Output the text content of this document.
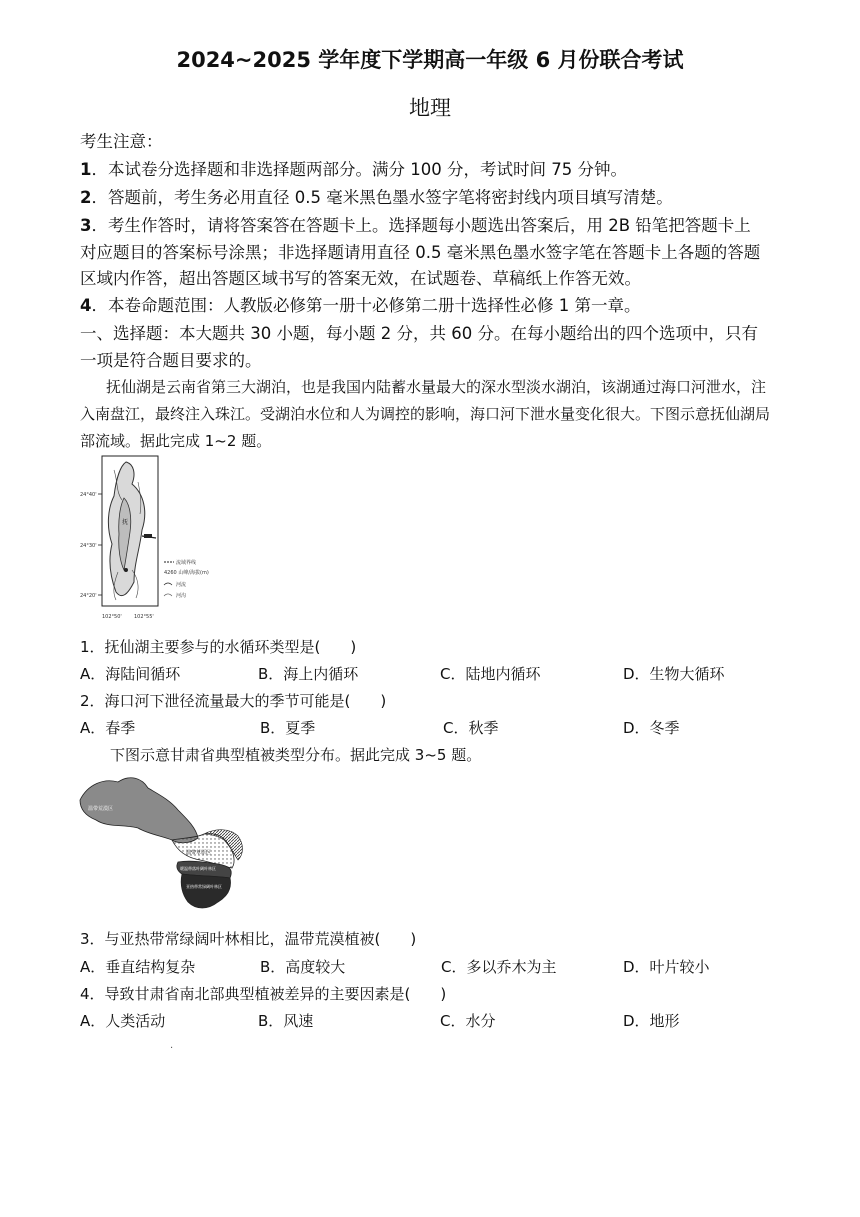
2024~2025 学年度下学期高一年级 6 月份联合考试
地理
考生注意：
1．本试卷分选择题和非选择题两部分。满分 100 分，考试时间 75 分钟。
2．答题前，考生务必用直径 0.5 毫米黑色墨水签字笔将密封线内项目填写清楚。
3．考生作答时，请将答案答在答题卡上。选择题每小题选出答案后，用 2B 铅笔把答题卡上
对应题目的答案标号涂黑；非选择题请用直径 0.5 毫米黑色墨水签字笔在答题卡上各题的答题
区域内作答，超出答题区域书写的答案无效，在试题卷、草稿纸上作答无效。
4．本卷命题范围：人教版必修第一册十必修第二册十选择性必修 1 第一章。
一、选择题：本大题共 30 小题，每小题 2 分，共 60 分。在每小题给出的四个选项中，只有
一项是符合题目要求的。
抚仙湖是云南省第三大湖泊，也是我国内陆蓄水量最大的深水型淡水湖泊，该湖通过海口河泄水，注
入南盘江，最终注入珠江。受湖泊水位和人为调控的影响，海口河下泄水量变化很大。下图示意抚仙湖局
部流域。据此完成 1~2 题。
24°40'
24°30'
24°20'
102°50' 102°55'
抚
流域界线
4260 山峰/海拔(m)
河流
河沟
1．抚仙湖主要参与的水循环类型是(　　)
A．海陆间循环	B．海上内循环	C．陆地内循环	D．生物大循环
2．海口河下泄径流量最大的季节可能是(　　)
A．春季	B．夏季	C．秋季	D．冬季
下图示意甘肃省典型植被类型分布。据此完成 3~5 题。
温带荒漠区
温带草原区
暖温带落叶阔叶林区
亚热带常绿阔叶林区
3．与亚热带常绿阔叶林相比，温带荒漠植被(　　)
A．垂直结构复杂	B．高度较大	C．多以乔木为主	D．叶片较小
4．导致甘肃省南北部典型植被差异的主要因素是(　　)
A．人类活动	B．风速	C．水分	D．地形
.
